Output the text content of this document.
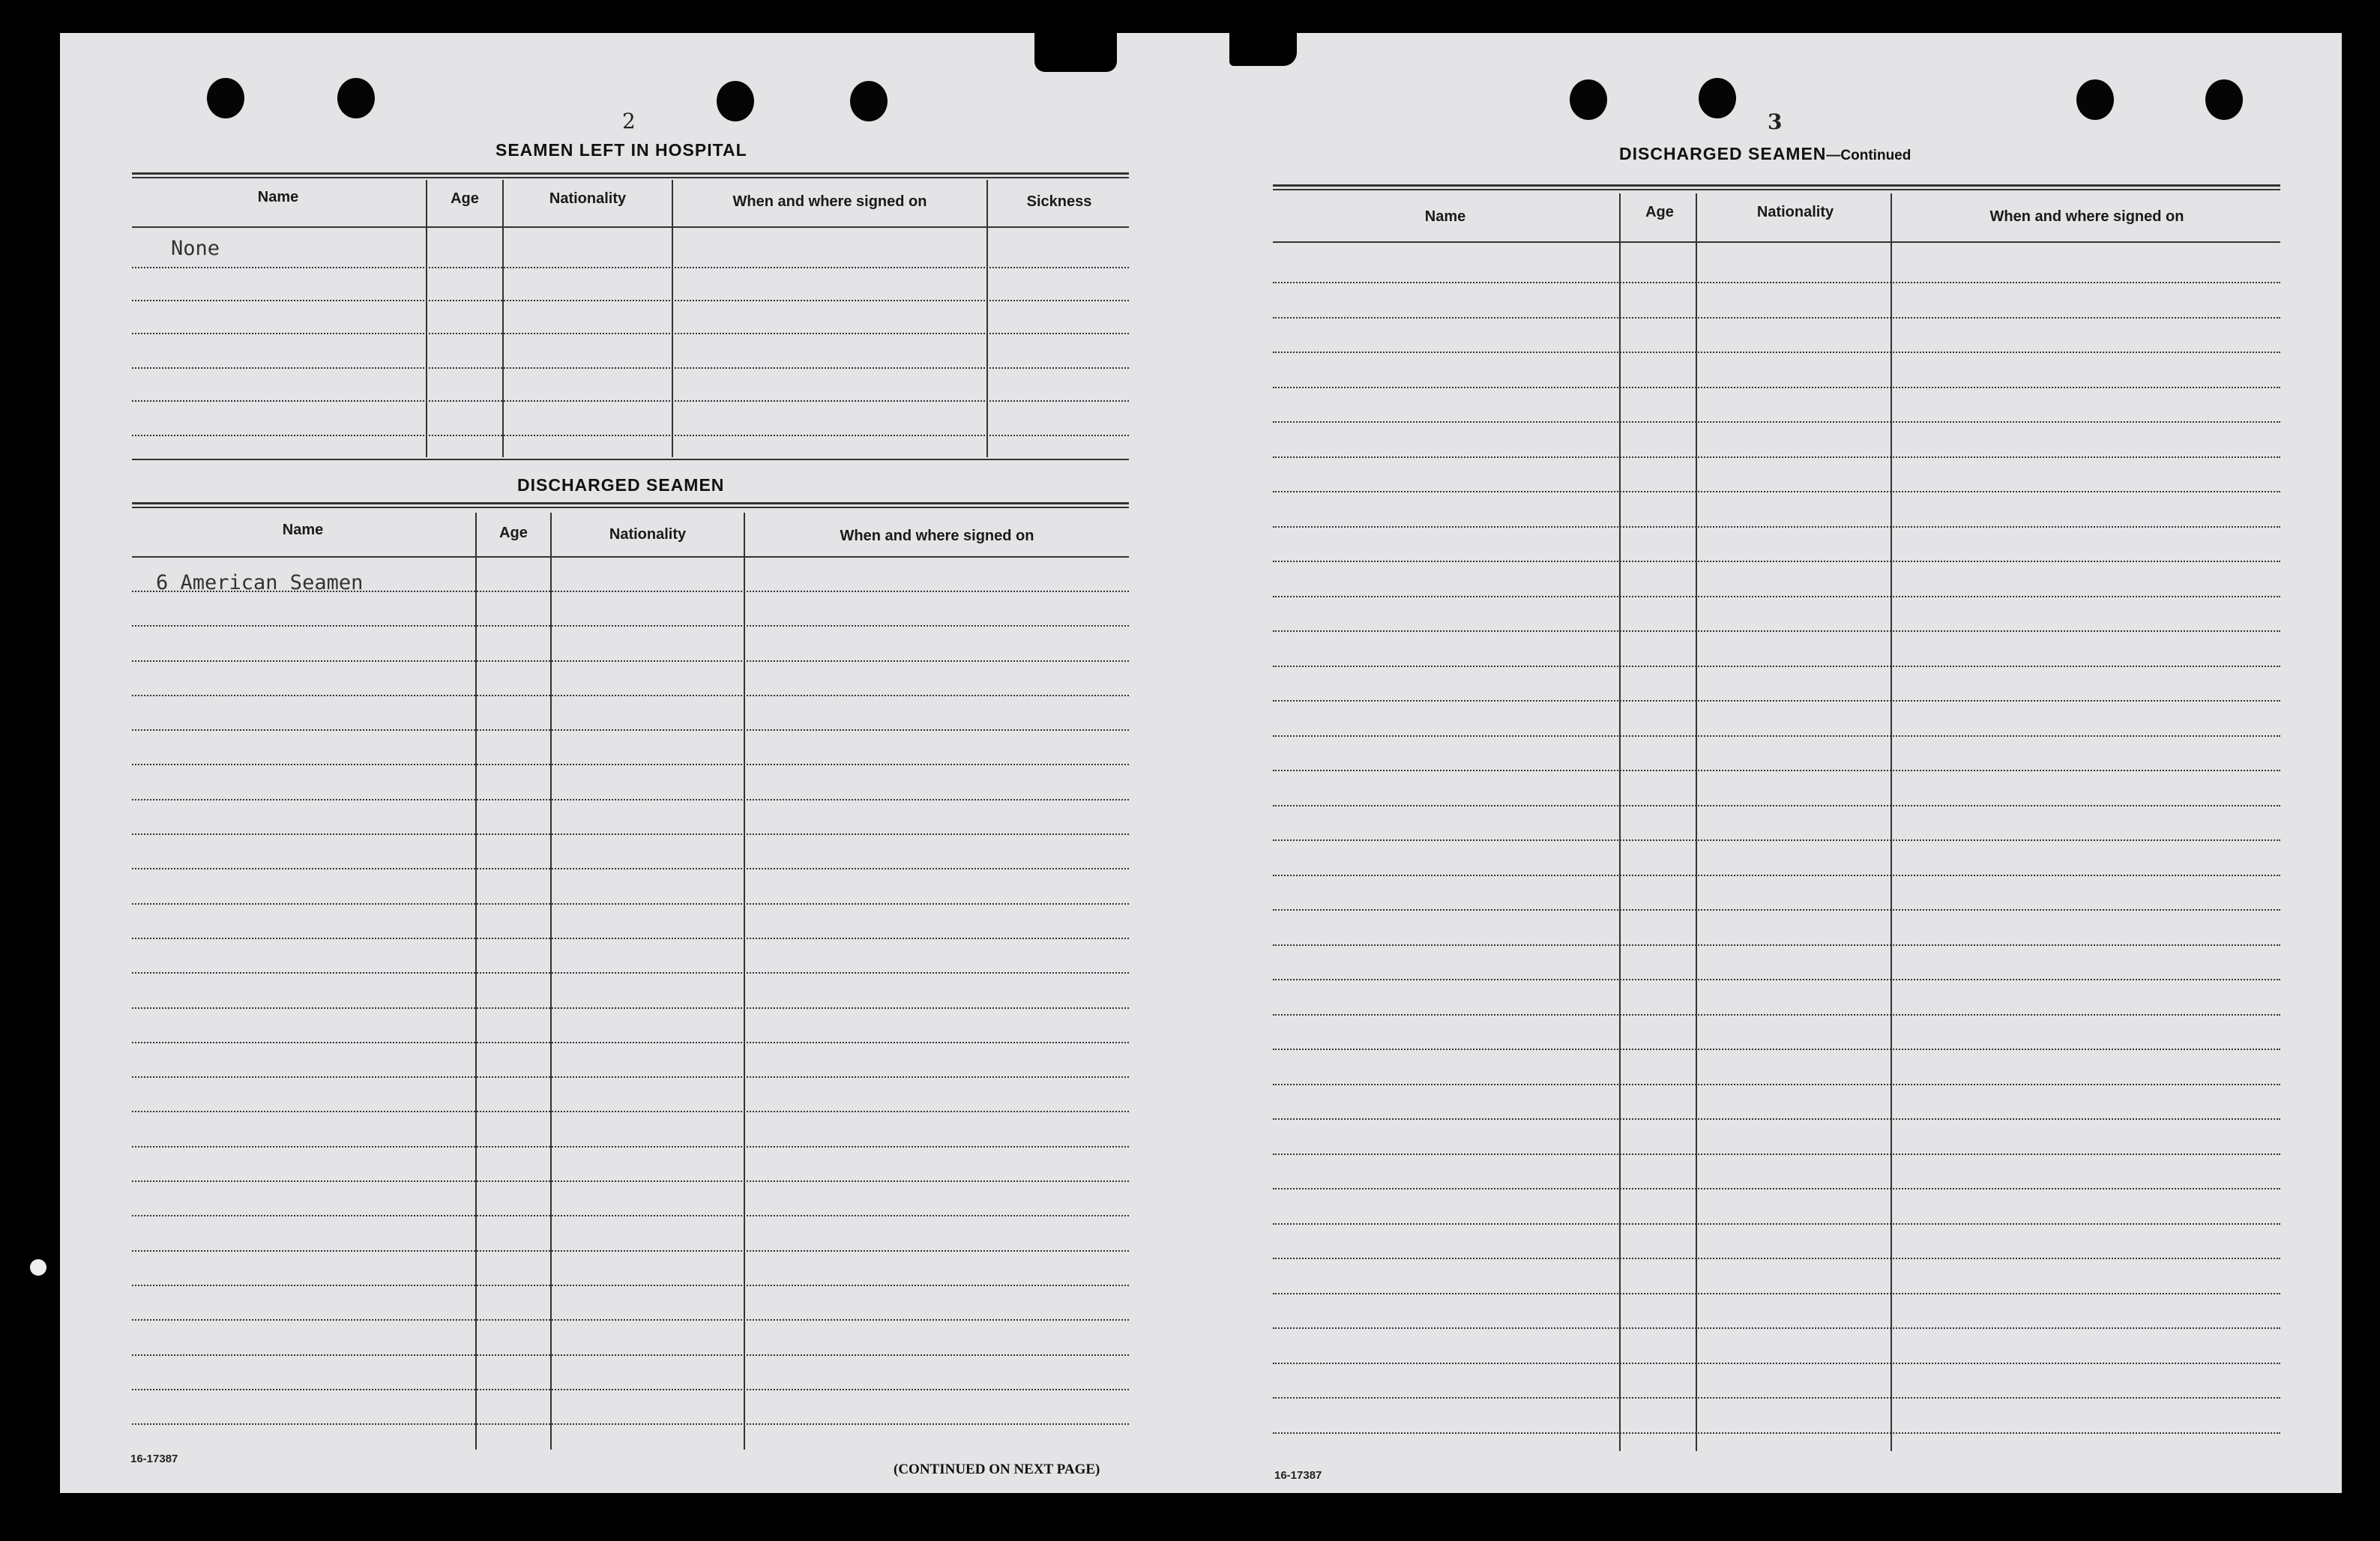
2
SEAMEN LEFT IN HOSPITAL
Name	Age	Nationality	When and where signed on	Sickness
None
DISCHARGED SEAMEN
Name	Age	Nationality	When and where signed on
6 American Seamen
16-17387
(CONTINUED ON NEXT PAGE)
3
DISCHARGED SEAMEN—Continued
Name	Age	Nationality	When and where signed on
16-17387
